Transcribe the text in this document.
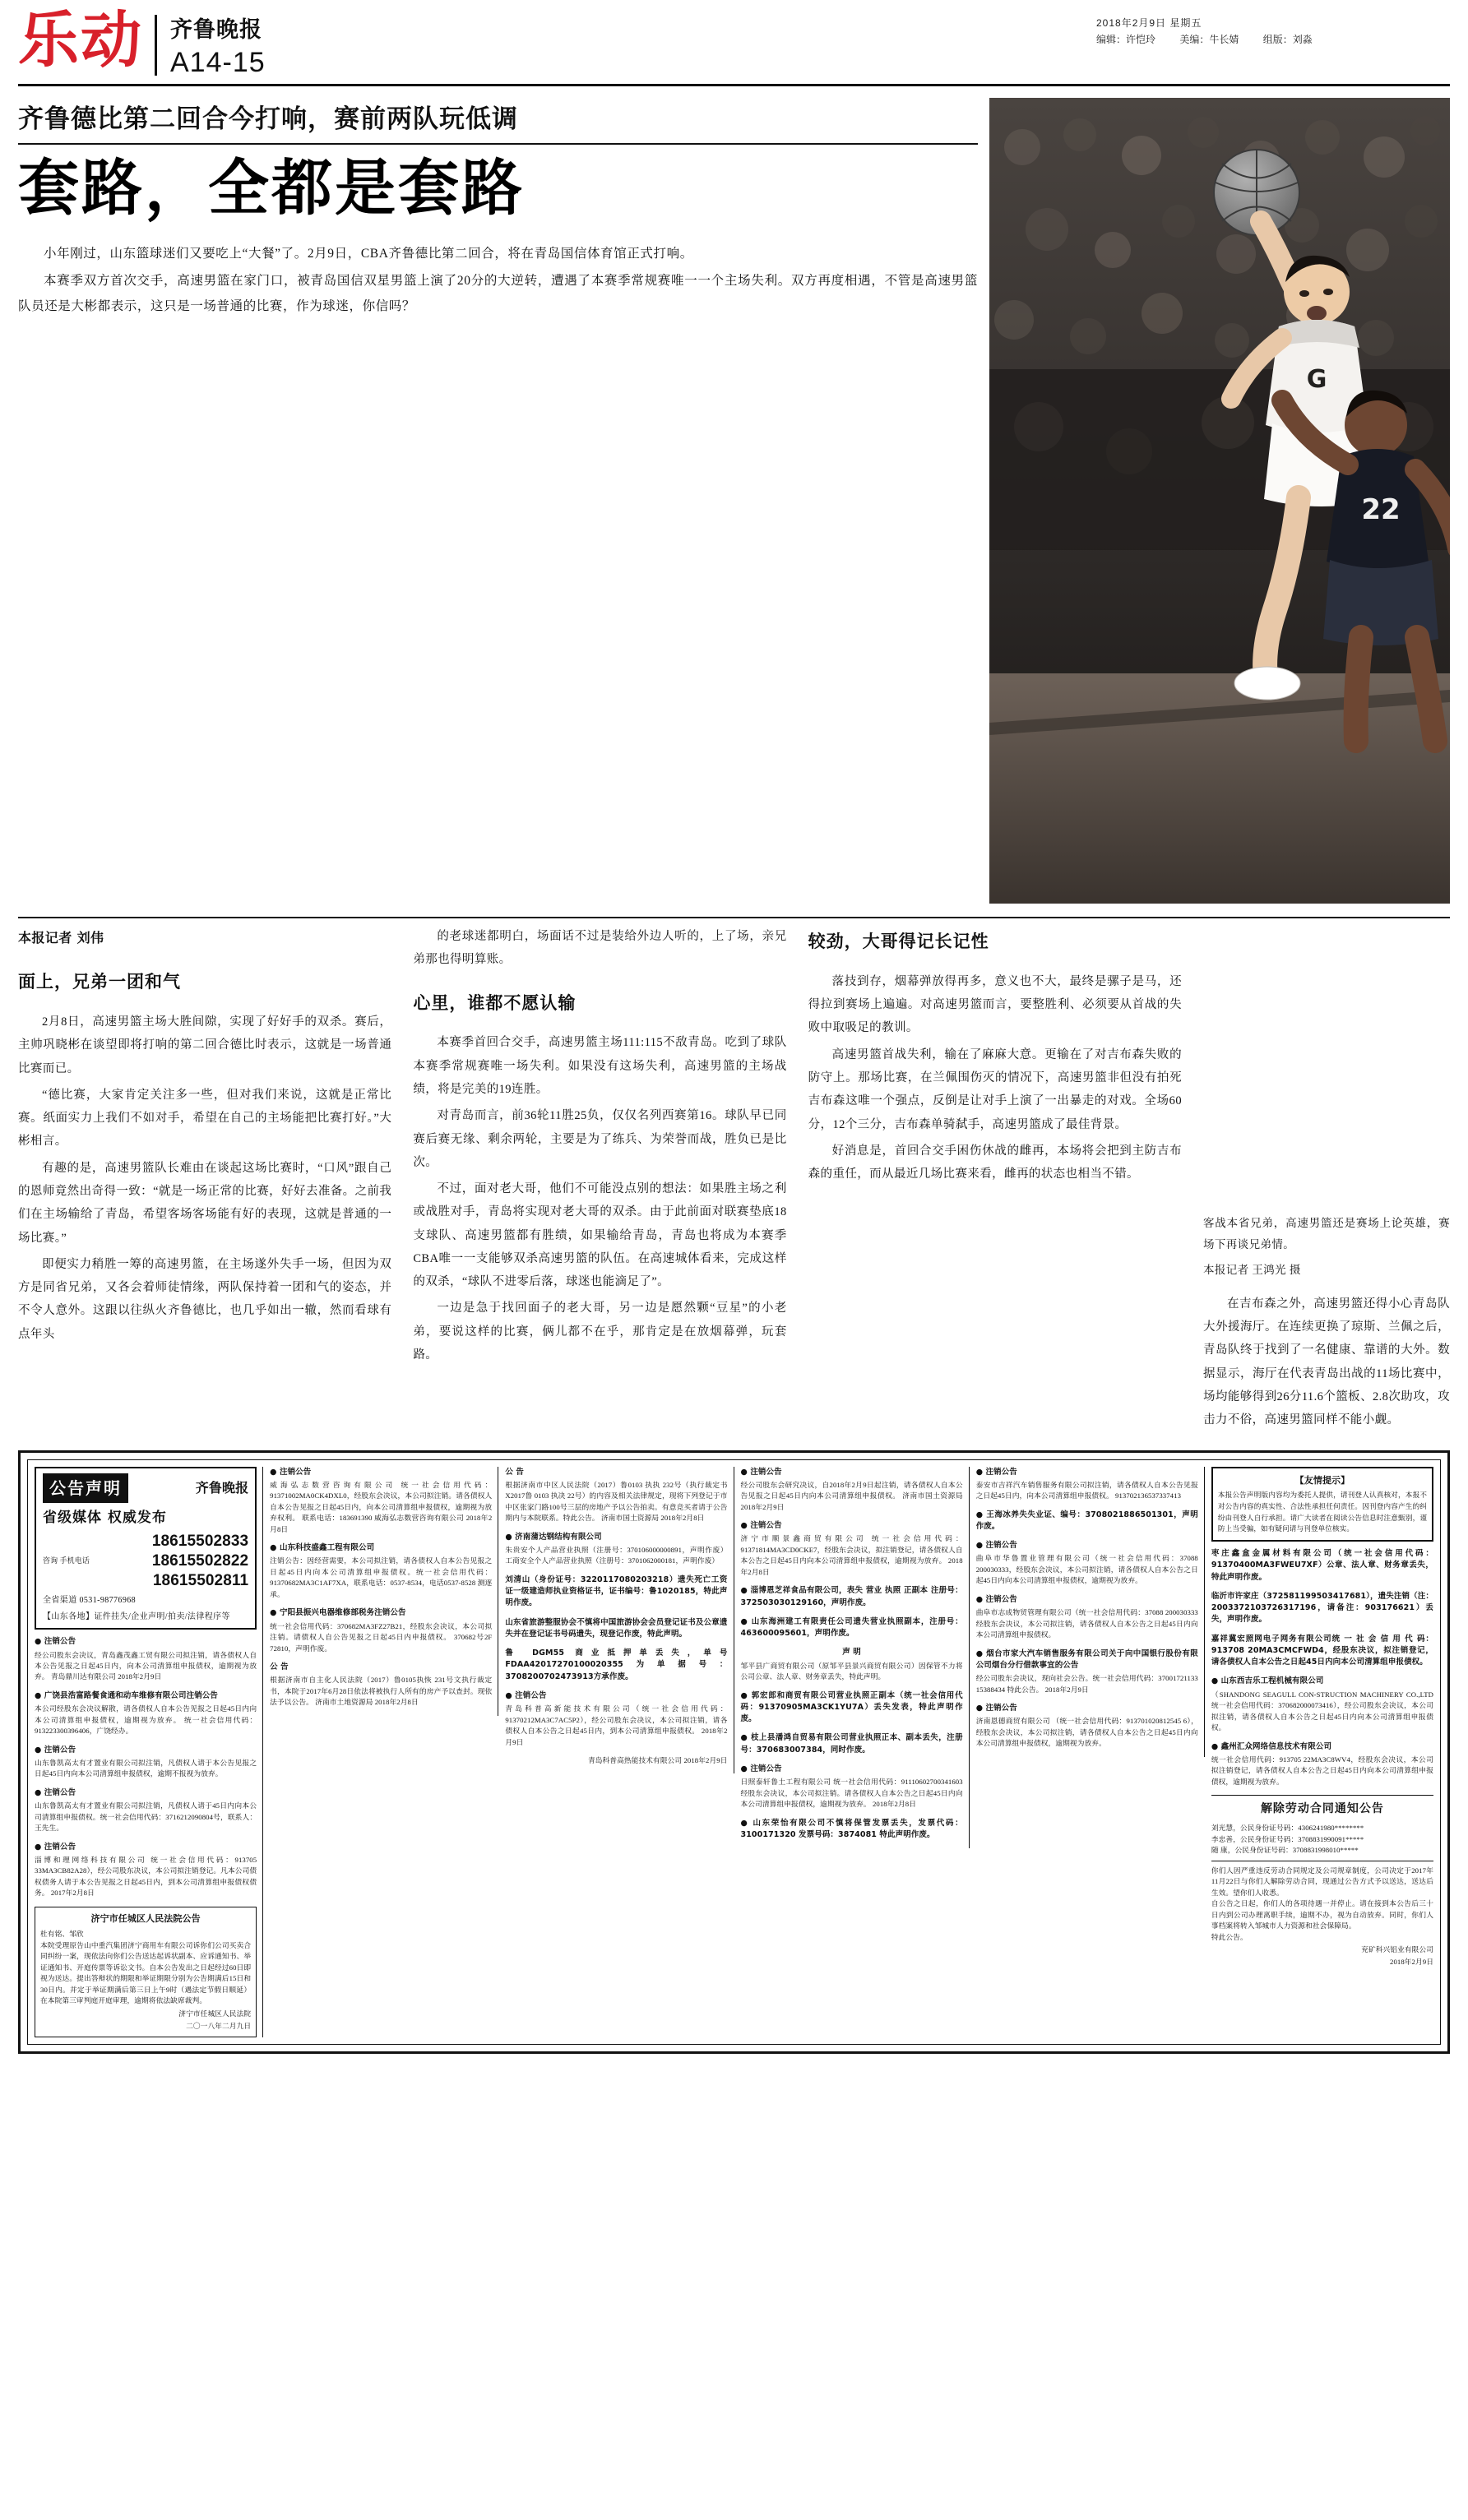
乐动	齐鲁晚报
A14-15
2018年2月9日 星期五
编辑：许恺玲 美编：牛长婧 组版：刘淼
齐鲁德比第二回合今打响，赛前两队玩低调
套路，全都是套路

小年刚过，山东篮球迷们又要吃上“大餐”了。2月9日，CBA齐鲁德比第二回合，将在青岛国信体育馆正式打响。

本赛季双方首次交手，高速男篮在家门口，被青岛国信双星男篮上演了20分的大逆转，遭遇了本赛季常规赛唯一一个主场失利。双方再度相遇，不管是高速男篮队员还是大彬都表示，这只是一场普通的比赛，作为球迷，你信吗？

G
22
本报记者 刘伟
面上，兄弟一团和气

2月8日，高速男篮主场大胜间隙，实现了好好手的双杀。赛后，主帅巩晓彬在谈望即将打响的第二回合德比时表示，这就是一场普通比赛而已。

“德比赛，大家肯定关注多一些，但对我们来说，这就是正常比赛。纸面实力上我们不如对手，希望在自己的主场能把比赛打好。”大彬相言。

有趣的是，高速男篮队长难由在谈起这场比赛时，“口风”跟自己的恩师竟然出奇得一致：“就是一场正常的比赛，好好去准备。之前我们在主场输给了青岛，希望客场客场能有好的表现，这就是普通的一场比赛。”

即便实力稍胜一筹的高速男篮，在主场遂外失手一场，但因为双方是同省兄弟，又各会着师徒情缘，两队保持着一团和气的姿态，并不令人意外。这跟以往纵火齐鲁德比，也几乎如出一辙，然而看球有点年头

的老球迷都明白，场面话不过是装给外边人听的，上了场，亲兄弟那也得明算账。

心里，谁都不愿认输

本赛季首回合交手，高速男篮主场111:115不敌青岛。吃到了球队本赛季常规赛唯一场失利。如果没有这场失利，高速男篮的主场战绩，将是完美的19连胜。

对青岛而言，前36轮11胜25负，仅仅名列西赛第16。球队早已同赛后赛无缘、剩余两轮，主要是为了练兵、为荣誉而战，胜负已是比次。

不过，面对老大哥，他们不可能没点别的想法：如果胜主场之利或战胜对手，青岛将实现对老大哥的双杀。由于此前面对联赛垫底18支球队、高速男篮都有胜绩，如果输给青岛，青岛也将成为本赛季CBA唯一一支能够双杀高速男篮的队伍。在高速城体看来，完成这样的双杀，“球队不进零后落，球迷也能滴足了”。

一边是急于找回面子的老大哥，另一边是愿然颗“豆星”的小老弟，要说这样的比赛，俩儿都不在乎，那肯定是在放烟幕弹，玩套路。

较劲，大哥得记长记性

落技到存，烟幕弹放得再多，意义也不大，最终是骡子是马，还得拉到赛场上遍遍。对高速男篮而言，要整胜利、必须要从首战的失败中取吸足的教训。

高速男篮首战失利，输在了麻麻大意。更输在了对吉布森失败的防守上。那场比赛，在兰佩围伤灭的情况下，高速男篮非但没有拍死吉布森这唯一个强点，反倒是让对手上演了一出暴走的对戏。全场60分，12个三分，吉布森单骑弑手，高速男篮成了最佳背景。

好消息是，首回合交手困伤休战的雌再，本场将会把到主防吉布森的重任，而从最近几场比赛来看，雌再的状态也相当不错。

客战本省兄弟，高速男篮还是赛场上论英雄，赛场下再谈兄弟情。
本报记者 王鸿光 摄

在吉布森之外，高速男篮还得小心青岛队大外援海厅。在连续更换了琼斯、兰佩之后，青岛队终于找到了一名健康、靠谱的大外。数据显示，海厅在代表青岛出战的11场比赛中，场均能够得到26分11.6个篮板、2.8次助攻，攻击力不俗，高速男篮同样不能小觑。

公告声明	齐鲁晚报
省级媒体 权威发布
咨询 手机电话
18615502833
18615502822
18615502811
全省渠道 0531-98776968
【山东各地】证件挂失/企业声明/拍卖/法律程序等
● 注销公告
经公司股东会决议，青岛鑫茂鑫工贸有限公司拟注销，请各债权人自本公告见报之日起45日内，向本公司清算组申报债权，逾期视为放弃。 青岛鼎川达有限公司 2018年2月9日
● 广饶县浩富路餐食通和动车维修有限公司注销公告
本公司经股东会决议解散，请各债权人自本公告见报之日起45日内向本公司清算组申报债权，逾期视为放弃。 统一社会信用代码：913223300396406，广饶经办。
● 注销公告
山东鲁凯高太有才置业有限公司拟注销，凡债权人请于本公告见报之日起45日内向本公司清算组申报债权，逾期不报视为放弃。
● 注销公告
山东鲁凯高太有才置业有限公司拟注销，凡债权人请于45日内向本公司清算组申报债权。统一社会信用代码：3716212090804号，联系人：王先生。
● 注销公告
淄博和理网络科技有限公司 统一社会信用代码：913705 33MA3CB82A28），经公司股东决议，本公司拟注销登记。凡本公司债权债务人请于本公告见报之日起45日内，到本公司清算组申报债权债务。 2017年2月8日
济宁市任城区人民法院公告
杜有铭、邹欣
本院受理原告山中重汽集团济宁商用车有限公司诉你们公司买卖合同纠纷一案，现依法向你们公告送达起诉状副本、应诉通知书、举证通知书、开庭传票等诉讼文书。自本公告发出之日起经过60日即视为送达。提出答辩状的期限和举证期限分别为公告期满后15日和30日内。并定于举证期满后第三日上午9时（遇法定节假日顺延）在本院第三审判庭开庭审理，逾期将依法缺席裁判。
济宁市任城区人民法院
二〇一八年二月九日
● 注销公告
威海弘志数营咨询有限公司 统一社会信用代码：91371002MA0CK4DXL0，经股东会决议，本公司拟注销。请各债权人自本公告见报之日起45日内，向本公司清算组申报债权，逾期视为放弃权利。 联系电话：183691390 威海弘志数营咨询有限公司 2018年2月8日
● 山东科技盛鑫工程有限公司
注销公告：因经营需要，本公司拟注销，请各债权人自本公告见报之日起45日内向本公司清算组申报债权。统一社会信用代码：91370682MA3C1AF7XA，联系电话：0537-8534，电话0537-8528 测逐承。
● 宁阳县振兴电器维修部税务注销公告
统一社会信用代码：370682MA3FZ27B21，经股东会决议，本公司拟注销。请债权人自公告见报之日起45日内申报债权。 370682号2F 72810，声明作废。
公 告
根据济南市自主化人民法院（2017）鲁0105执恢 231号文执行裁定书，本院于2017年6月28日依法将被执行人所有的房产予以查封。现依法予以公告。 济南市土地资源局 2018年2月8日
公 告
根据济南市中区人民法院（2017）鲁0103 执执 232号（执行裁定书X2017鲁 0103 执决 22号）的内容及相关法律规定，现将下列登记于市中区张家门路100号三层的房地产予以公告拍卖。有意竞买者请于公告期内与本院联系。特此公告。 济南市国土资源局 2018年2月8日
● 济南蒲达钢结构有限公司
朱贵安个人产品营业执照（注册号：370106000000891，声明作废） 工商安全个人产品营业执照（注册号：3701062000181，声明作废）
刘清山（身份证号：3220117080203218）遗失死亡工资证一级建造师执业资格证书，证书编号：鲁1020185，特此声明作废。
山东省旅游整服协会不慎将中国旅游协会会员登记证书及公章遗失并在登记证书号码遗失，现登记作废，特此声明。
鲁 DGM55 商业抵押单丢失，单号FDAA42017270100020355为单据号：3708200702473913方承作废。
● 注销公告
青岛科普高新能技术有限公司（统一社会信用代码：91370212MA3C7AC5P2），经公司股东会决议，本公司拟注销，请各债权人自本公告之日起45日内，到本公司清算组申报债权。 2018年2月9日
青岛科普高热能技术有限公司 2018年2月9日
● 注销公告
经公司股东会研究决议，自2018年2月9日起注销，请各债权人自本公告见报之日起45日内向本公司清算组申报债权。 济南市国土资源局 2018年2月9日
● 注销公告
济宁市顺景鑫商贸有限公司 统一社会信用代码：91371814MA3CD0CKE7，经股东会决议，拟注销登记，请各债权人自本公告之日起45日内向本公司清算组申报债权，逾期视为放弃。 2018年2月8日
● 淄博恩芝祥食品有限公司，表失 营业 执照 正副本 注册号：372503030129160，声明作废。
● 山东海洲建工有限责任公司遗失营业执照副本，注册号：463600095601，声明作废。
声 明
邹平县广商贸有限公司（原邹平县景兴商贸有限公司）因保管不力将公司公章、法人章、财务章丢失，特此声明。
● 郭宏郎和商贸有限公司营业执照正副本（统一社会信用代码：91370905MA3CK1YU7A）丢失发表，特此声明作废。
● 枝上县潘鸿自贸易有限公司营业执照正本、副本丢失，注册号：370683007384，同时作废。
● 注销公告
日照泰轩鲁土工程有限公司 统一社会信用代码：91110602700341603经股东会决议，本公司拟注销。请各债权人自本公告之日起45日内向本公司清算组申报债权，逾期视为放弃。 2018年2月8日
● 山东荣怡有限公司不慎将保管发票丢失，发票代码：3100171320 发票号码：3874081 特此声明作废。
● 注销公告
泰安市吉祥汽车销售服务有限公司拟注销，请各债权人自本公告见报之日起45日内，向本公司清算组申报债权。 913702136537337413
● 王海冰养失失业证、编号：3708021886501301，声明作废。
● 注销公告
曲阜市华鲁置业管理有限公司（统一社会信用代码：37088 200030333，经股东会决议，本公司拟注销，请各债权人自本公告之日起45日内向本公司清算组申报债权，逾期视为放弃。
● 注销公告
曲阜市志成物贸管理有限公司（统一社会信用代码：37088 200030333 经股东会决议，本公司拟注销，请各债权人自本公告之日起45日内向本公司清算组申报债权。
● 烟台市家大汽车销售服务有限公司关于向中国银行股份有限公司烟台分行借款事宜的公告
经公司股东会决议，现向社会公告。统一社会信用代码：37001721133 15388434 特此公告。 2018年2月9日
● 注销公告
济南恩德商贸有限公司 （统一社会信用代码：913701020812545 6），经股东会决议，本公司拟注销，请各债权人自本公告之日起45日内向本公司清算组申报债权，逾期视为放弃。
【友情提示】
本报公告声明版内容均为委托人提供，请刊登人认真核对，本报不对公告内容的真实性、合法性承担任何责任。因刊登内容产生的纠纷由刊登人自行承担。请广大读者在阅读公告信息时注意甄别，谨防上当受骗，如有疑问请与刊登单位核实。
枣庄鑫盒金属材料有限公司（统一社会信用代码：91370400MA3FWEU7XF）公章、法人章、财务章丢失，特此声明作废。
临沂市许家庄（372581199503417681），遗失注销（注：2003372103726317196，请备注：903176621）丢失，声明作废。
嘉祥冀宏照网电子网务有限公司统 一 社 会 信 用 代 码：913708 20MA3CMCFWD4，经股东决议，拟注销登记，请各债权人自本公告之日起45日内向本公司清算组申报债权。
● 山东西吉乐工程机械有限公司
（SHANDONG SEAGULL CON-STRUCTION MACHINERY CO.,LTD 统一社会信用代码：370682000073416），经公司股东会决议，本公司拟注销，请各债权人自本公告之日起45日内向本公司清算组申报债权。
● 鑫州汇众网络信息技术有限公司
统一社会信用代码：913705 22MA3C8WV4，经股东会决议，本公司拟注销登记，请各债权人自本公告之日起45日内向本公司清算组申报债权，逾期视为放弃。
解除劳动合同通知公告
刘光慧，公民身份证号码：4306241980********
李忠善，公民身份证号码：3708831990091*****
随 康，公民身份证号码：3708831998010*****
你们人因严重违反劳动合同规定及公司规章制度，公司决定于2017年11月22日与你们人解除劳动合同，现通过公告方式予以送达，送达后生效。望你们人收悉。
自公告之日起，你们人的各项待遇一并停止。请在接到本公告后三十日内到公司办理离职手续，逾期不办，视为自动放弃。同时，你们人事档案将转入邹城市人力资源和社会保障局。
特此公告。
兖矿科兴铝业有限公司
2018年2月9日
